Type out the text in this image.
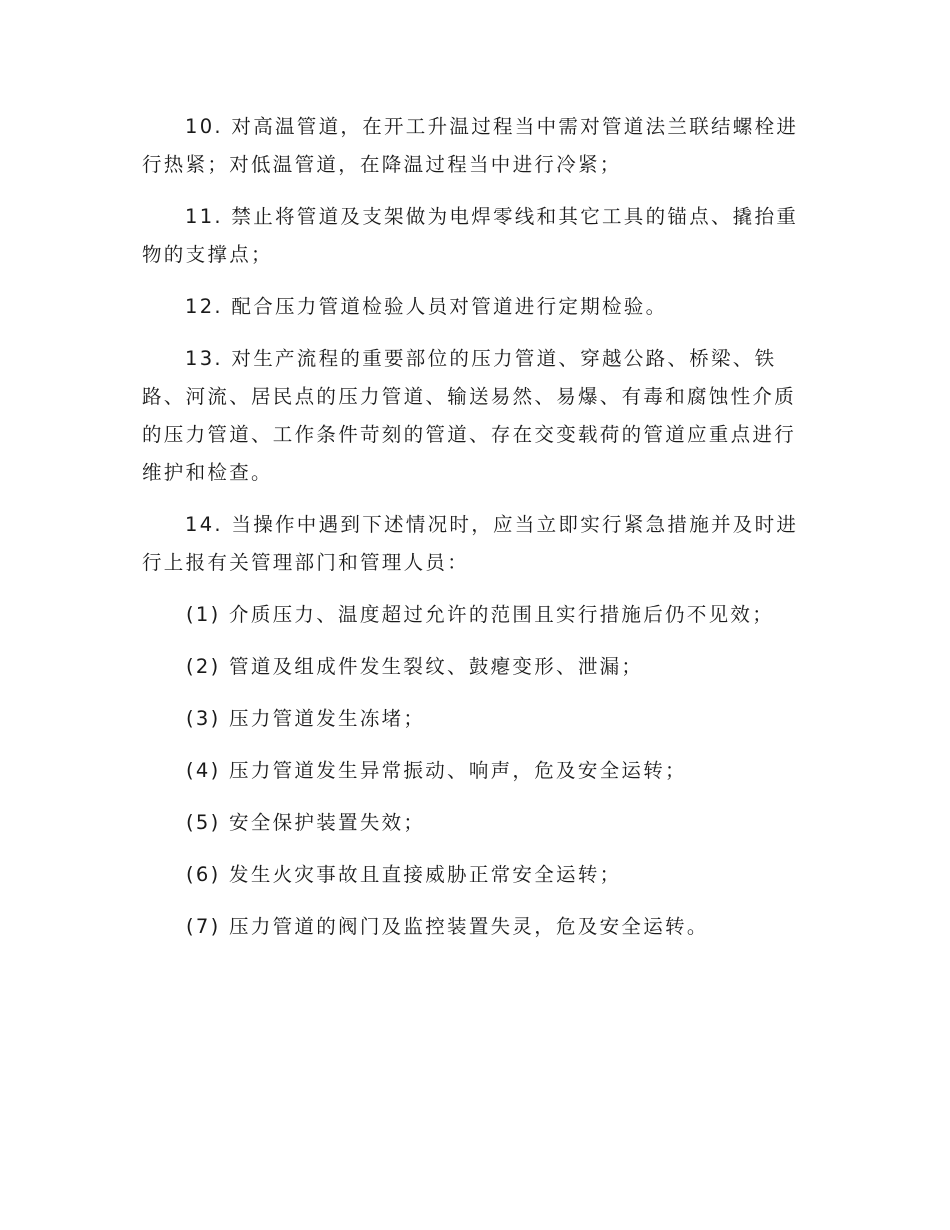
10. 对高温管道，在开工升温过程当中需对管道法兰联结螺栓进行热紧；对低温管道，在降温过程当中进行冷紧；

11. 禁止将管道及支架做为电焊零线和其它工具的锚点、撬抬重物的支撑点；

12. 配合压力管道检验人员对管道进行定期检验。

13. 对生产流程的重要部位的压力管道、穿越公路、桥梁、铁路、河流、居民点的压力管道、输送易然、易爆、有毒和腐蚀性介质的压力管道、工作条件苛刻的管道、存在交变载荷的管道应重点进行维护和检查。

14. 当操作中遇到下述情况时，应当立即实行紧急措施并及时进行上报有关管理部门和管理人员：

(1) 介质压力、温度超过允许的范围且实行措施后仍不见效；

(2) 管道及组成件发生裂纹、鼓瘪变形、泄漏；

(3) 压力管道发生冻堵；

(4) 压力管道发生异常振动、响声，危及安全运转；

(5) 安全保护装置失效；

(6) 发生火灾事故且直接威胁正常安全运转；

(7) 压力管道的阀门及监控装置失灵，危及安全运转。
